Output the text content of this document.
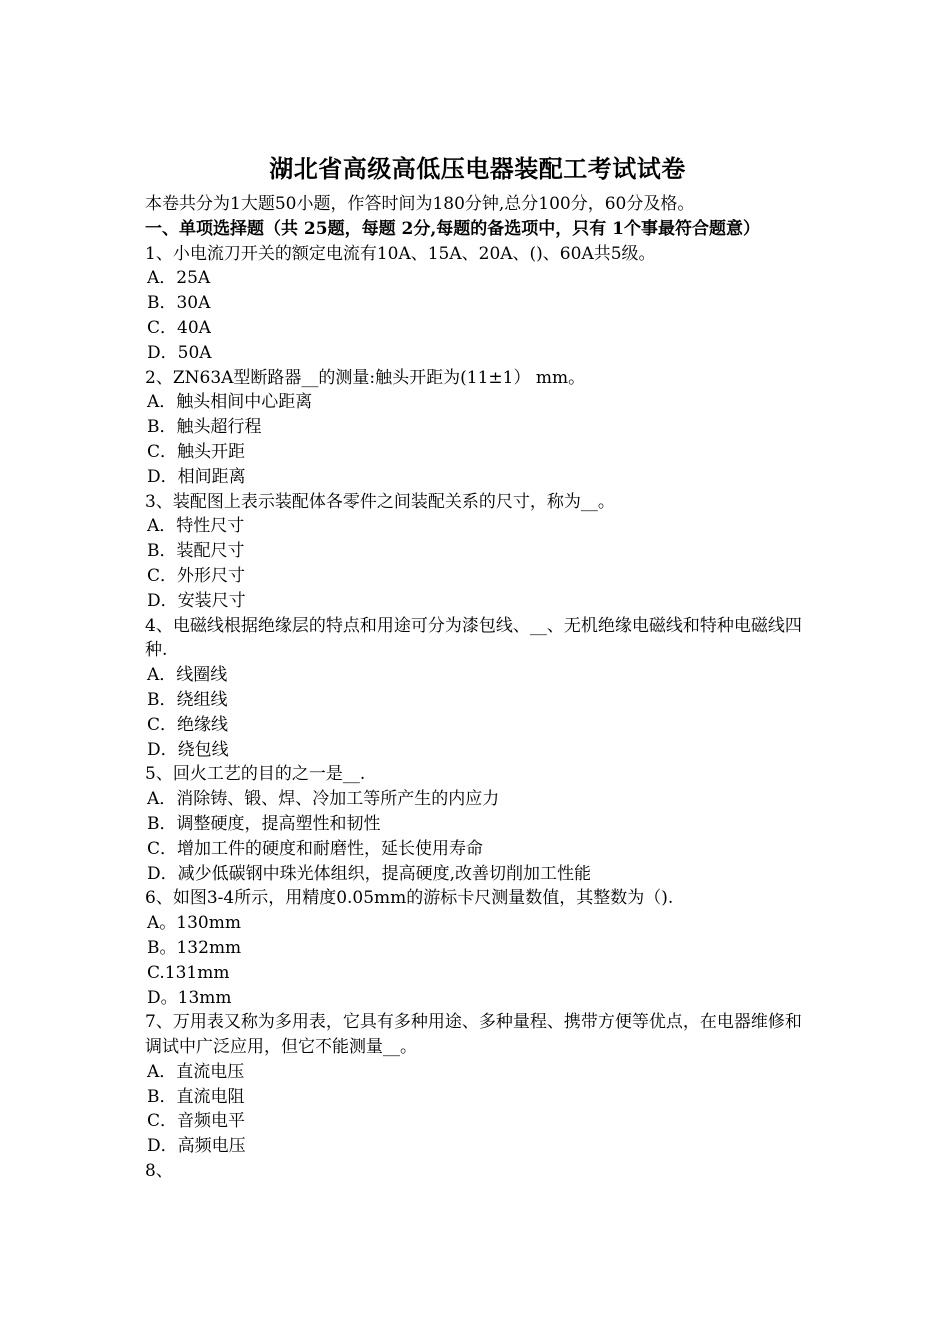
湖北省高级高低压电器装配工考试试卷
本卷共分为1大题50小题，作答时间为180分钟,总分100分，60分及格。
一、单项选择题（共 25题，每题 2分,每题的备选项中，只有 1个事最符合题意）
1、小电流刀开关的额定电流有10A、15A、20A、()、60A共5级。
A．25A
B．30A
C．40A
D．50A
2、ZN63A型断路器__的测量:触头开距为(11±1） mm。
A．触头相间中心距离
B．触头超行程
C．触头开距
D．相间距离
3、装配图上表示装配体各零件之间装配关系的尺寸，称为__。
A．特性尺寸
B．装配尺寸
C．外形尺寸
D．安装尺寸
4、电磁线根据绝缘层的特点和用途可分为漆包线、__、无机绝缘电磁线和特种电磁线四种.
A．线圈线
B．绕组线
C．绝缘线
D．绕包线
5、回火工艺的目的之一是__.
A．消除铸、锻、焊、冷加工等所产生的内应力
B．调整硬度，提高塑性和韧性
C．增加工件的硬度和耐磨性，延长使用寿命
D．减少低碳钢中珠光体组织，提高硬度,改善切削加工性能
6、如图3-4所示，用精度0.05mm的游标卡尺测量数值，其整数为（).
A。130mm
B。132mm
C.131mm
D。13mm
7、万用表又称为多用表，它具有多种用途、多种量程、携带方便等优点，在电器维修和调试中广泛应用，但它不能测量__。
A．直流电压
B．直流电阻
C．音频电平
D．高频电压
8、
